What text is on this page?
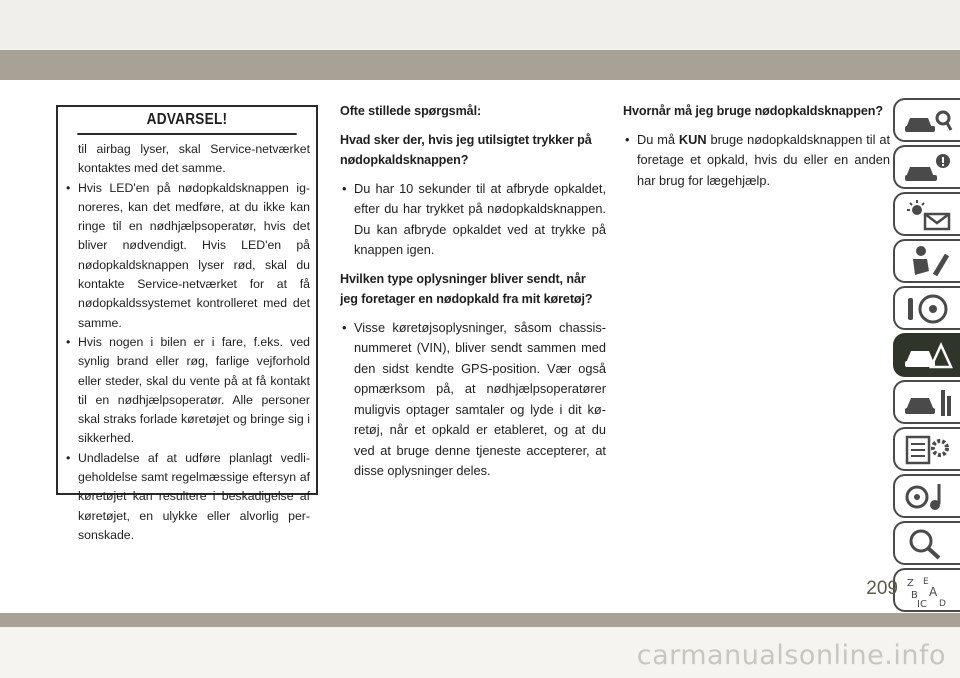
ADVARSEL!

til airbag lyser, skal Service-netværket kontaktes med det samme.

• Hvis LED'en på nødopkaldsknappen ig-noreres, kan det medføre, at du ikke kan ringe til en nødhjælpsoperatør, hvis det bliver nødvendigt. Hvis LED'en på nødopkaldsknappen lyser rød, skal du kontakte Service-netværket for at få nødopkaldssystemet kontrolleret med det samme.
• Hvis nogen i bilen er i fare, f.eks. ved synlig brand eller røg, farlige vejforhold eller steder, skal du vente på at få kontakt til en nødhjælpsoperatør. Alle personer skal straks forlade køretøjet og bringe sig i sikkerhed.
• Undladelse af at udføre planlagt vedli-geholdelse samt regelmæssige eftersyn af køretøjet kan resultere i beskadigelse af køretøjet, en ulykke eller alvorlig per-sonskade.

Ofte stillede spørgsmål:

Hvad sker der, hvis jeg utilsigtet trykker på nødopkaldsknappen?

• Du har 10 sekunder til at afbryde opkaldet, efter du har trykket på nødopkaldsknappen. Du kan afbryde opkaldet ved at trykke på knappen igen.

Hvilken type oplysninger bliver sendt, når jeg foretager en nødopkald fra mit køretøj?

• Visse køretøjsoplysninger, såsom chassis-nummeret (VIN), bliver sendt sammen med den sidst kendte GPS-position. Vær også opmærksom på, at nødhjælpsoperatører muligvis optager samtaler og lyde i dit kø-retøj, når et opkald er etableret, og at du ved at bruge denne tjeneste accepterer, at disse oplysninger deles.

Hvornår må jeg bruge nødopkaldsknappen?

• Du må KUN bruge nødopkaldsknappen til at foretage et opkald, hvis du eller en anden har brug for lægehjælp.
Z E
B A
IC D
209
carmanualsonline.info
